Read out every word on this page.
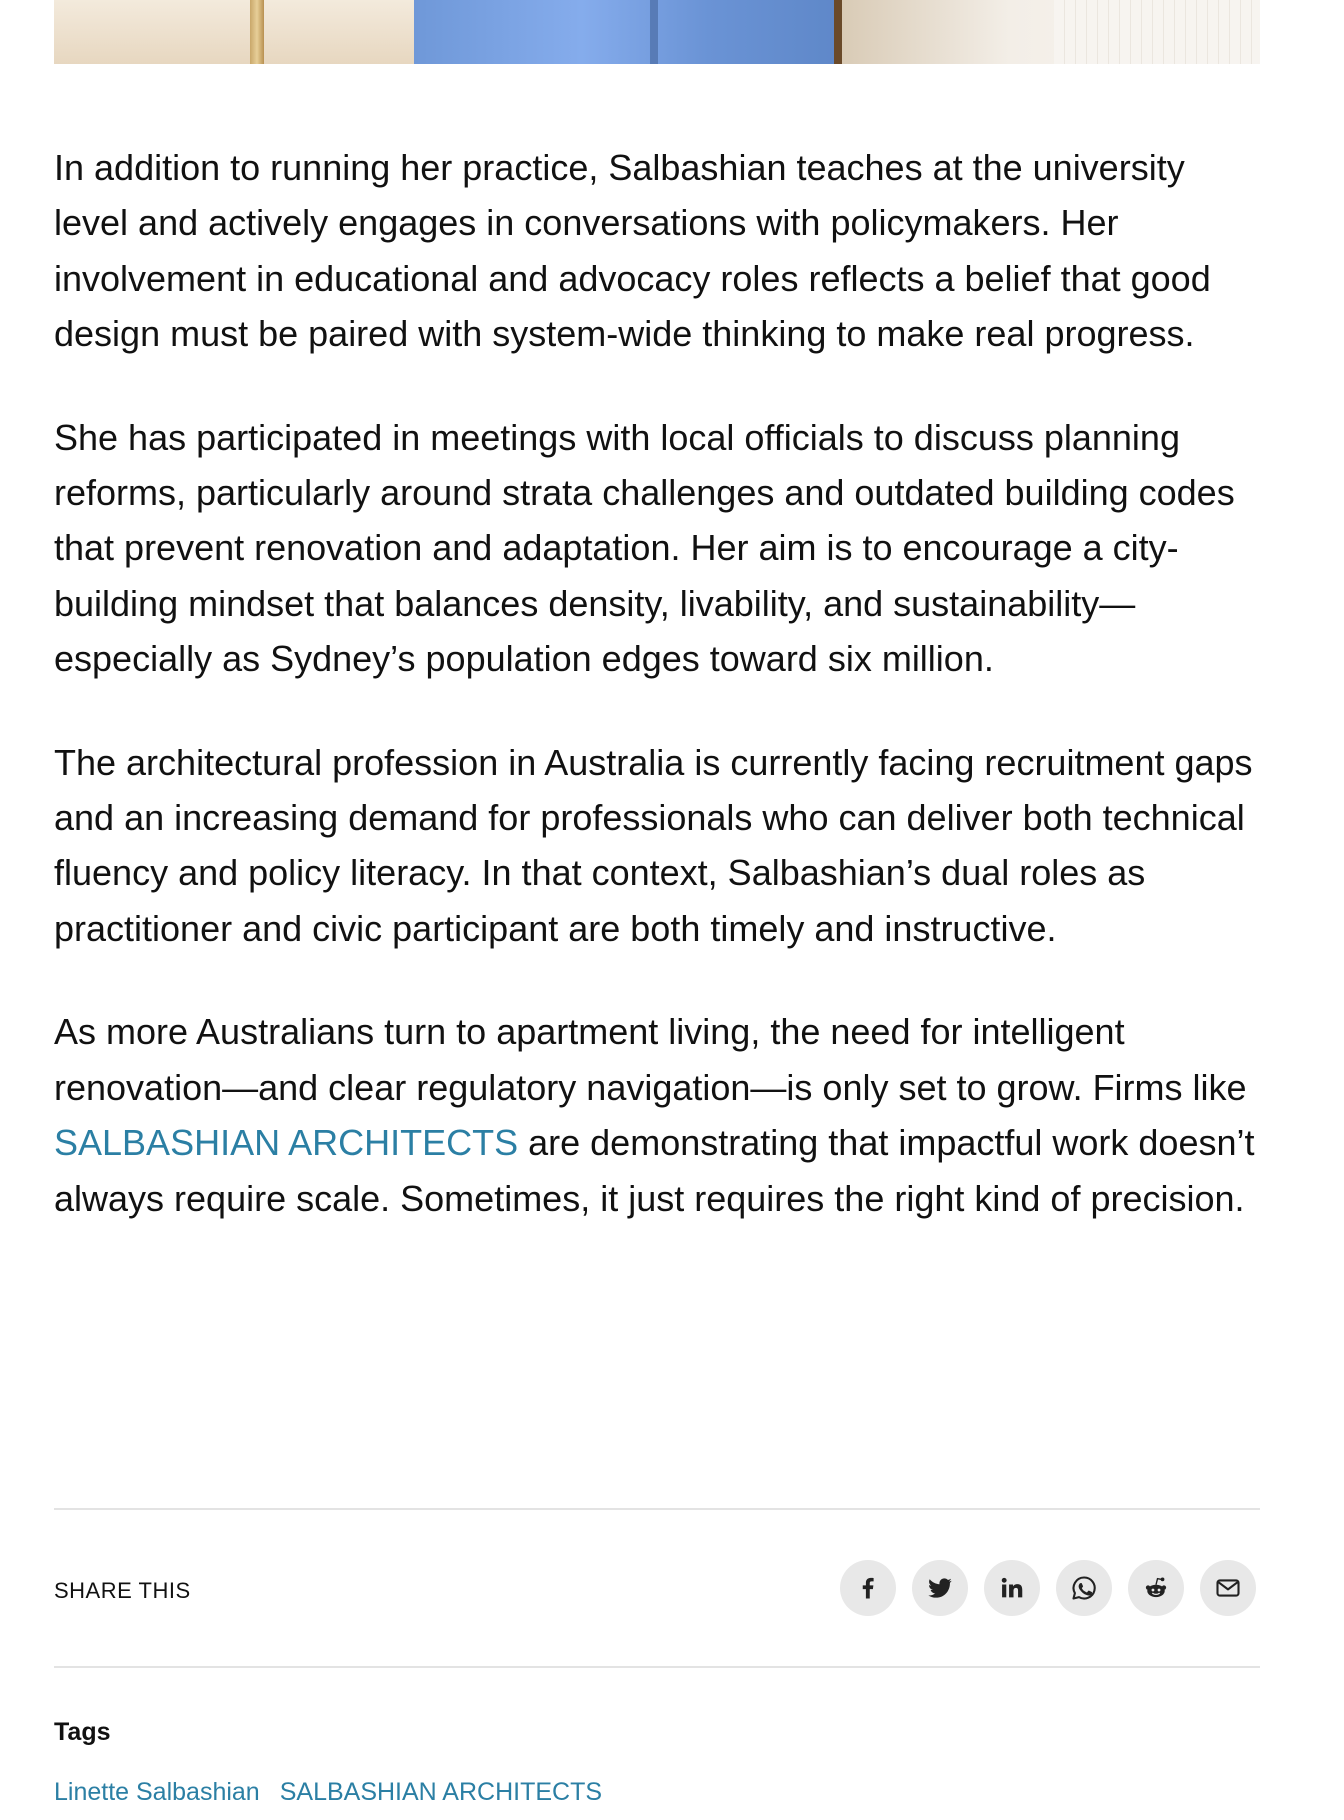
In addition to running her practice, Salbashian teaches at the university level and actively engages in conversations with policymakers. Her involvement in educational and advocacy roles reflects a belief that good design must be paired with system-wide thinking to make real progress.

She has participated in meetings with local officials to discuss planning reforms, particularly around strata challenges and outdated building codes that prevent renovation and adaptation. Her aim is to encourage a city-building mindset that balances density, livability, and sustainability—especially as Sydney’s population edges toward six million.

The architectural profession in Australia is currently facing recruitment gaps and an increasing demand for professionals who can deliver both technical fluency and policy literacy. In that context, Salbashian’s dual roles as practitioner and civic participant are both timely and instructive.

As more Australians turn to apartment living, the need for intelligent renovation—and clear regulatory navigation—is only set to grow. Firms like SALBASHIAN ARCHITECTS are demonstrating that impactful work doesn’t always require scale. Sometimes, it just requires the right kind of precision.

SHARE THIS
Tags
Linette Salbashian SALBASHIAN ARCHITECTS
